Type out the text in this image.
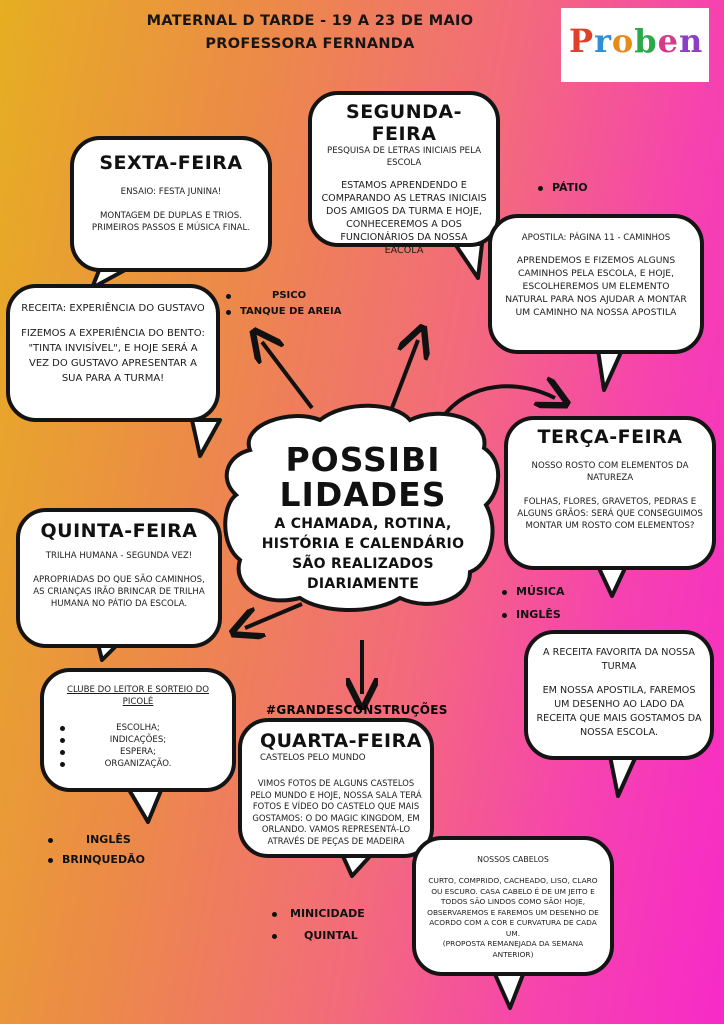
MATERNAL D TARDE - 19 A 23 DE MAIO
PROFESSORA FERNANDA	Proben

SEGUNDA-FEIRA

PESQUISA DE LETRAS INICIAIS PELA ESCOLA

ESTAMOS APRENDENDO E COMPARANDO AS LETRAS INICIAIS DOS AMIGOS DA TURMA E HOJE, CONHECEREMOS A DOS FUNCIONÁRIOS DA NOSSA EACOLA

SEXTA-FEIRA

ENSAIO: FESTA JUNINA!

MONTAGEM DE DUPLAS E TRIOS. PRIMEIROS PASSOS E MÚSICA FINAL.

RECEITA: EXPERIÊNCIA DO GUSTAVO

FIZEMOS A EXPERIÊNCIA DO BENTO: "TINTA INVISÍVEL", E HOJE SERÁ A VEZ DO GUSTAVO APRESENTAR A SUA PARA A TURMA!

APOSTILA: PÁGINA 11 - CAMINHOS

APRENDEMOS E FIZEMOS ALGUNS CAMINHOS PELA ESCOLA, E HOJE, ESCOLHEREMOS UM ELEMENTO NATURAL PARA NOS AJUDAR A MONTAR UM CAMINHO NA NOSSA APOSTILA

TERÇA-FEIRA

NOSSO ROSTO COM ELEMENTOS DA NATUREZA

FOLHAS, FLORES, GRAVETOS, PEDRAS E ALGUNS GRÃOS: SERÁ QUE CONSEGUIMOS MONTAR UM ROSTO COM ELEMENTOS?

A RECEITA FAVORITA DA NOSSA TURMA

EM NOSSA APOSTILA, FAREMOS UM DESENHO AO LADO DA RECEITA QUE MAIS GOSTAMOS DA NOSSA ESCOLA.

QUINTA-FEIRA

TRILHA HUMANA - SEGUNDA VEZ!

APROPRIADAS DO QUE SÃO CAMINHOS, AS CRIANÇAS IRÃO BRINCAR DE TRILHA HUMANA NO PÁTIO DA ESCOLA.

CLUBE DO LEITOR E SORTEIO DO PICOLÉ

ESCOLHA;
INDICAÇÕES;
ESPERA;
ORGANIZAÇÃO.
#GRANDESCONSTRUÇÕES

QUARTA-FEIRA

CASTELOS PELO MUNDO

VIMOS FOTOS DE ALGUNS CASTELOS PELO MUNDO E HOJE, NOSSA SALA TERÁ FOTOS E VÍDEO DO CASTELO QUE MAIS GOSTAMOS: O DO MAGIC KINGDOM, EM ORLANDO. VAMOS REPRESENTÁ-LO ATRAVÉS DE PEÇAS DE MADEIRA

NOSSOS CABELOS

CURTO, COMPRIDO, CACHEADO, LISO, CLARO OU ESCURO. CASA CABELO É DE UM JEITO E TODOS SÃO LINDOS COMO SÃO! HOJE, OBSERVAREMOS E FAREMOS UM DESENHO DE ACORDO COM A COR E CURVATURA DE CADA UM.

(PROPOSTA REMANEJADA DA SEMANA ANTERIOR)

POSSIBI
LIDADES
A CHAMADA, ROTINA,
HISTÓRIA E CALENDÁRIO
SÃO REALIZADOS
DIARIAMENTE
PÁTIO
PSICO
TANQUE DE AREIA
MÚSICA
INGLÊS
INGLÊS
BRINQUEDÃO
MINICIDADE
QUINTAL
